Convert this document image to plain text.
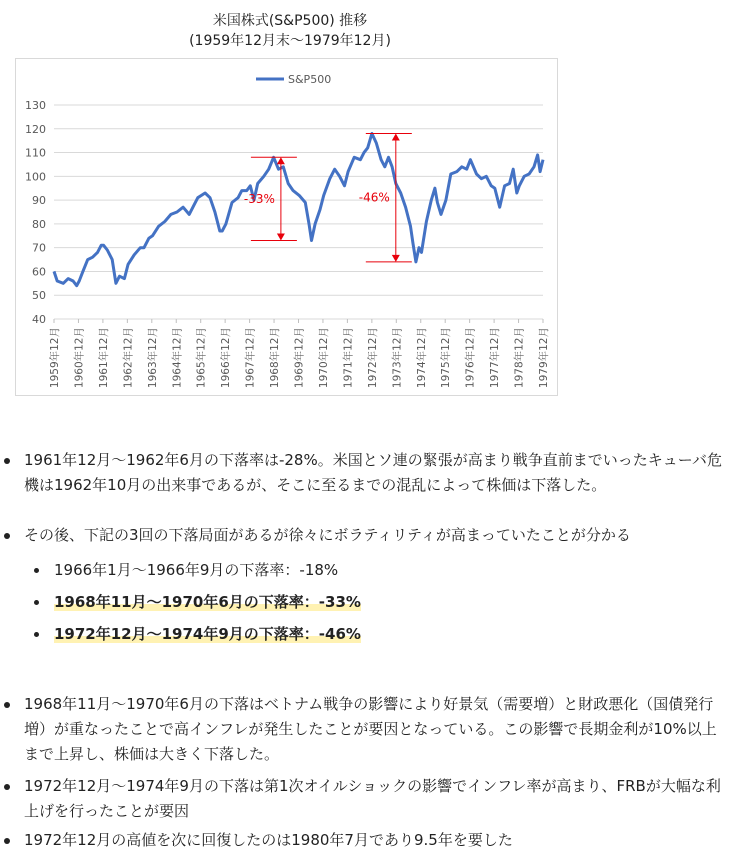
米国株式(S&P500) 推移
(1959年12月末〜1979年12月)
130
120
110
100
90
80
70
60
50
40
1959年12月 1960年12月 1961年12月 1962年12月 1963年12月 1964年12月 1965年12月 1966年12月 1967年12月 1968年12月 1969年12月 1970年12月 1971年12月 1972年12月 1973年12月 1974年12月 1975年12月 1976年12月 1977年12月 1978年12月 1979年12月
S&P500
-33%	-46%
1961年12月〜1962年6月の下落率は-28%。米国とソ連の緊張が高まり戦争直前までいったキューバ危機は1962年10月の出来事であるが、そこに至るまでの混乱によって株価は下落した。
その後、下記の3回の下落局面があるが徐々にボラティリティが高まっていたことが分かる
1966年1月〜1966年9月の下落率：-18%
1968年11月〜1970年6月の下落率：-33%
1972年12月〜1974年9月の下落率：-46%
1968年11月〜1970年6月の下落はベトナム戦争の影響により好景気（需要増）と財政悪化（国債発行増）が重なったことで高インフレが発生したことが要因となっている。この影響で長期金利が10%以上まで上昇し、株価は大きく下落した。
1972年12月〜1974年9月の下落は第1次オイルショックの影響でインフレ率が高まり、FRBが大幅な利上げを行ったことが要因
1972年12月の高値を次に回復したのは1980年7月であり9.5年を要した
